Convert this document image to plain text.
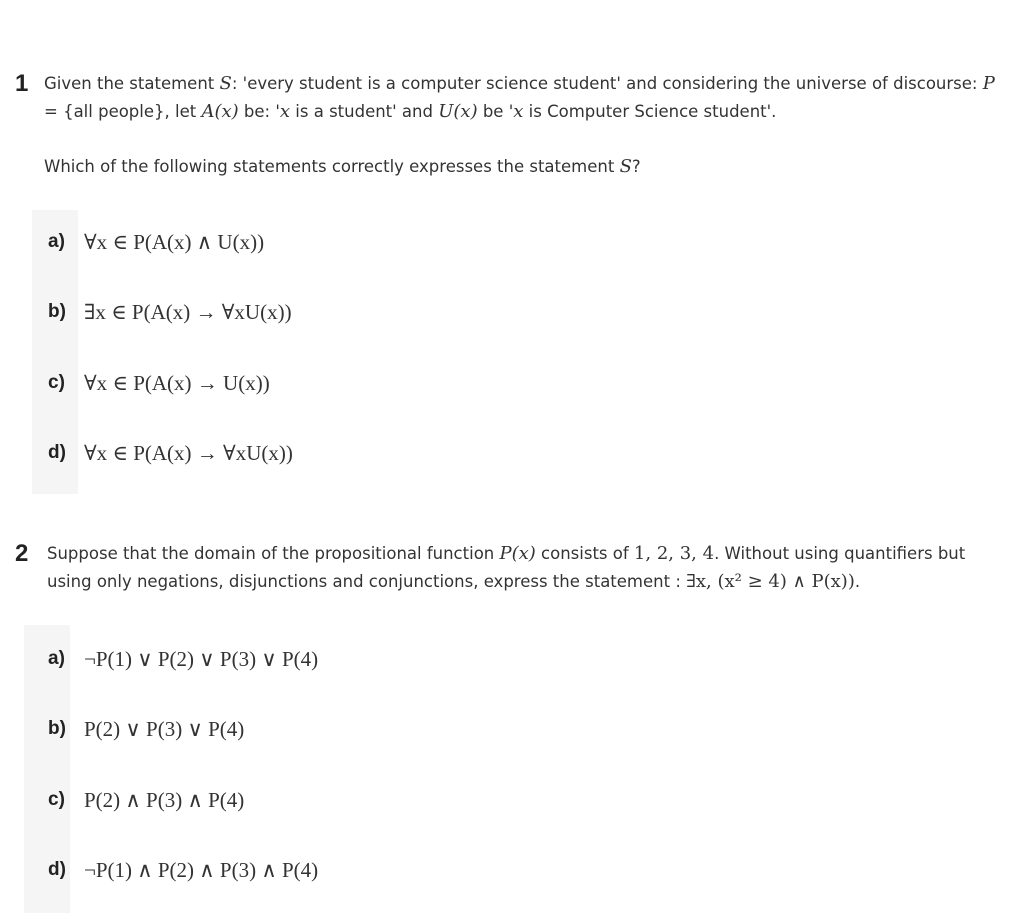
1 Given the statement S: 'every student is a computer science student' and considering the universe of discourse: P

= {all people}, let A(x) be: 'x is a student' and U(x) be 'x is Computer Science student'.

Which of the following statements correctly expresses the statement S?

a) ∀x ∈ P(A(x) ∧ U(x))
b) ∃x ∈ P(A(x) → ∀xU(x))
c) ∀x ∈ P(A(x) → U(x))
d) ∀x ∈ P(A(x) → ∀xU(x))
2 Suppose that the domain of the propositional function P(x) consists of 1, 2, 3, 4. Without using quantifiers but

using only negations, disjunctions and conjunctions, express the statement : ∃x, (x² ≥ 4) ∧ P(x)).

a) ¬P(1) ∨ P(2) ∨ P(3) ∨ P(4)
b) P(2) ∨ P(3) ∨ P(4)
c) P(2) ∧ P(3) ∧ P(4)
d) ¬P(1) ∧ P(2) ∧ P(3) ∧ P(4)
